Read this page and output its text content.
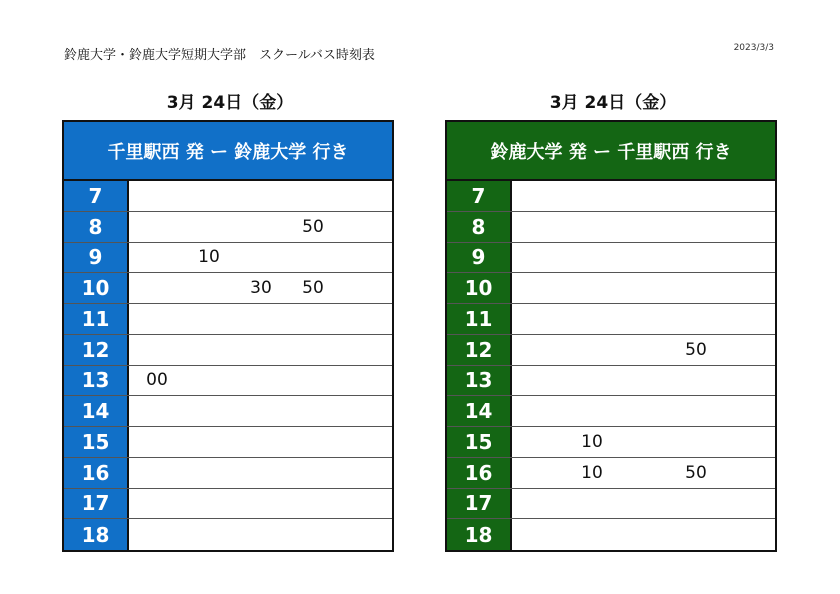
鈴鹿大学・鈴鹿大学短期大学部　スクールバス時刻表	2023/3/3
3月 24日（金）
千里駅西 発 ー 鈴鹿大学 行き
7
8	50
9	10
10	30 50
11
12
13	00
14
15
16
17
18
3月 24日（金）
鈴鹿大学 発 ー 千里駅西 行き
7
8
9
10
11
12	50
13
14
15	10
16	10	50
17
18
